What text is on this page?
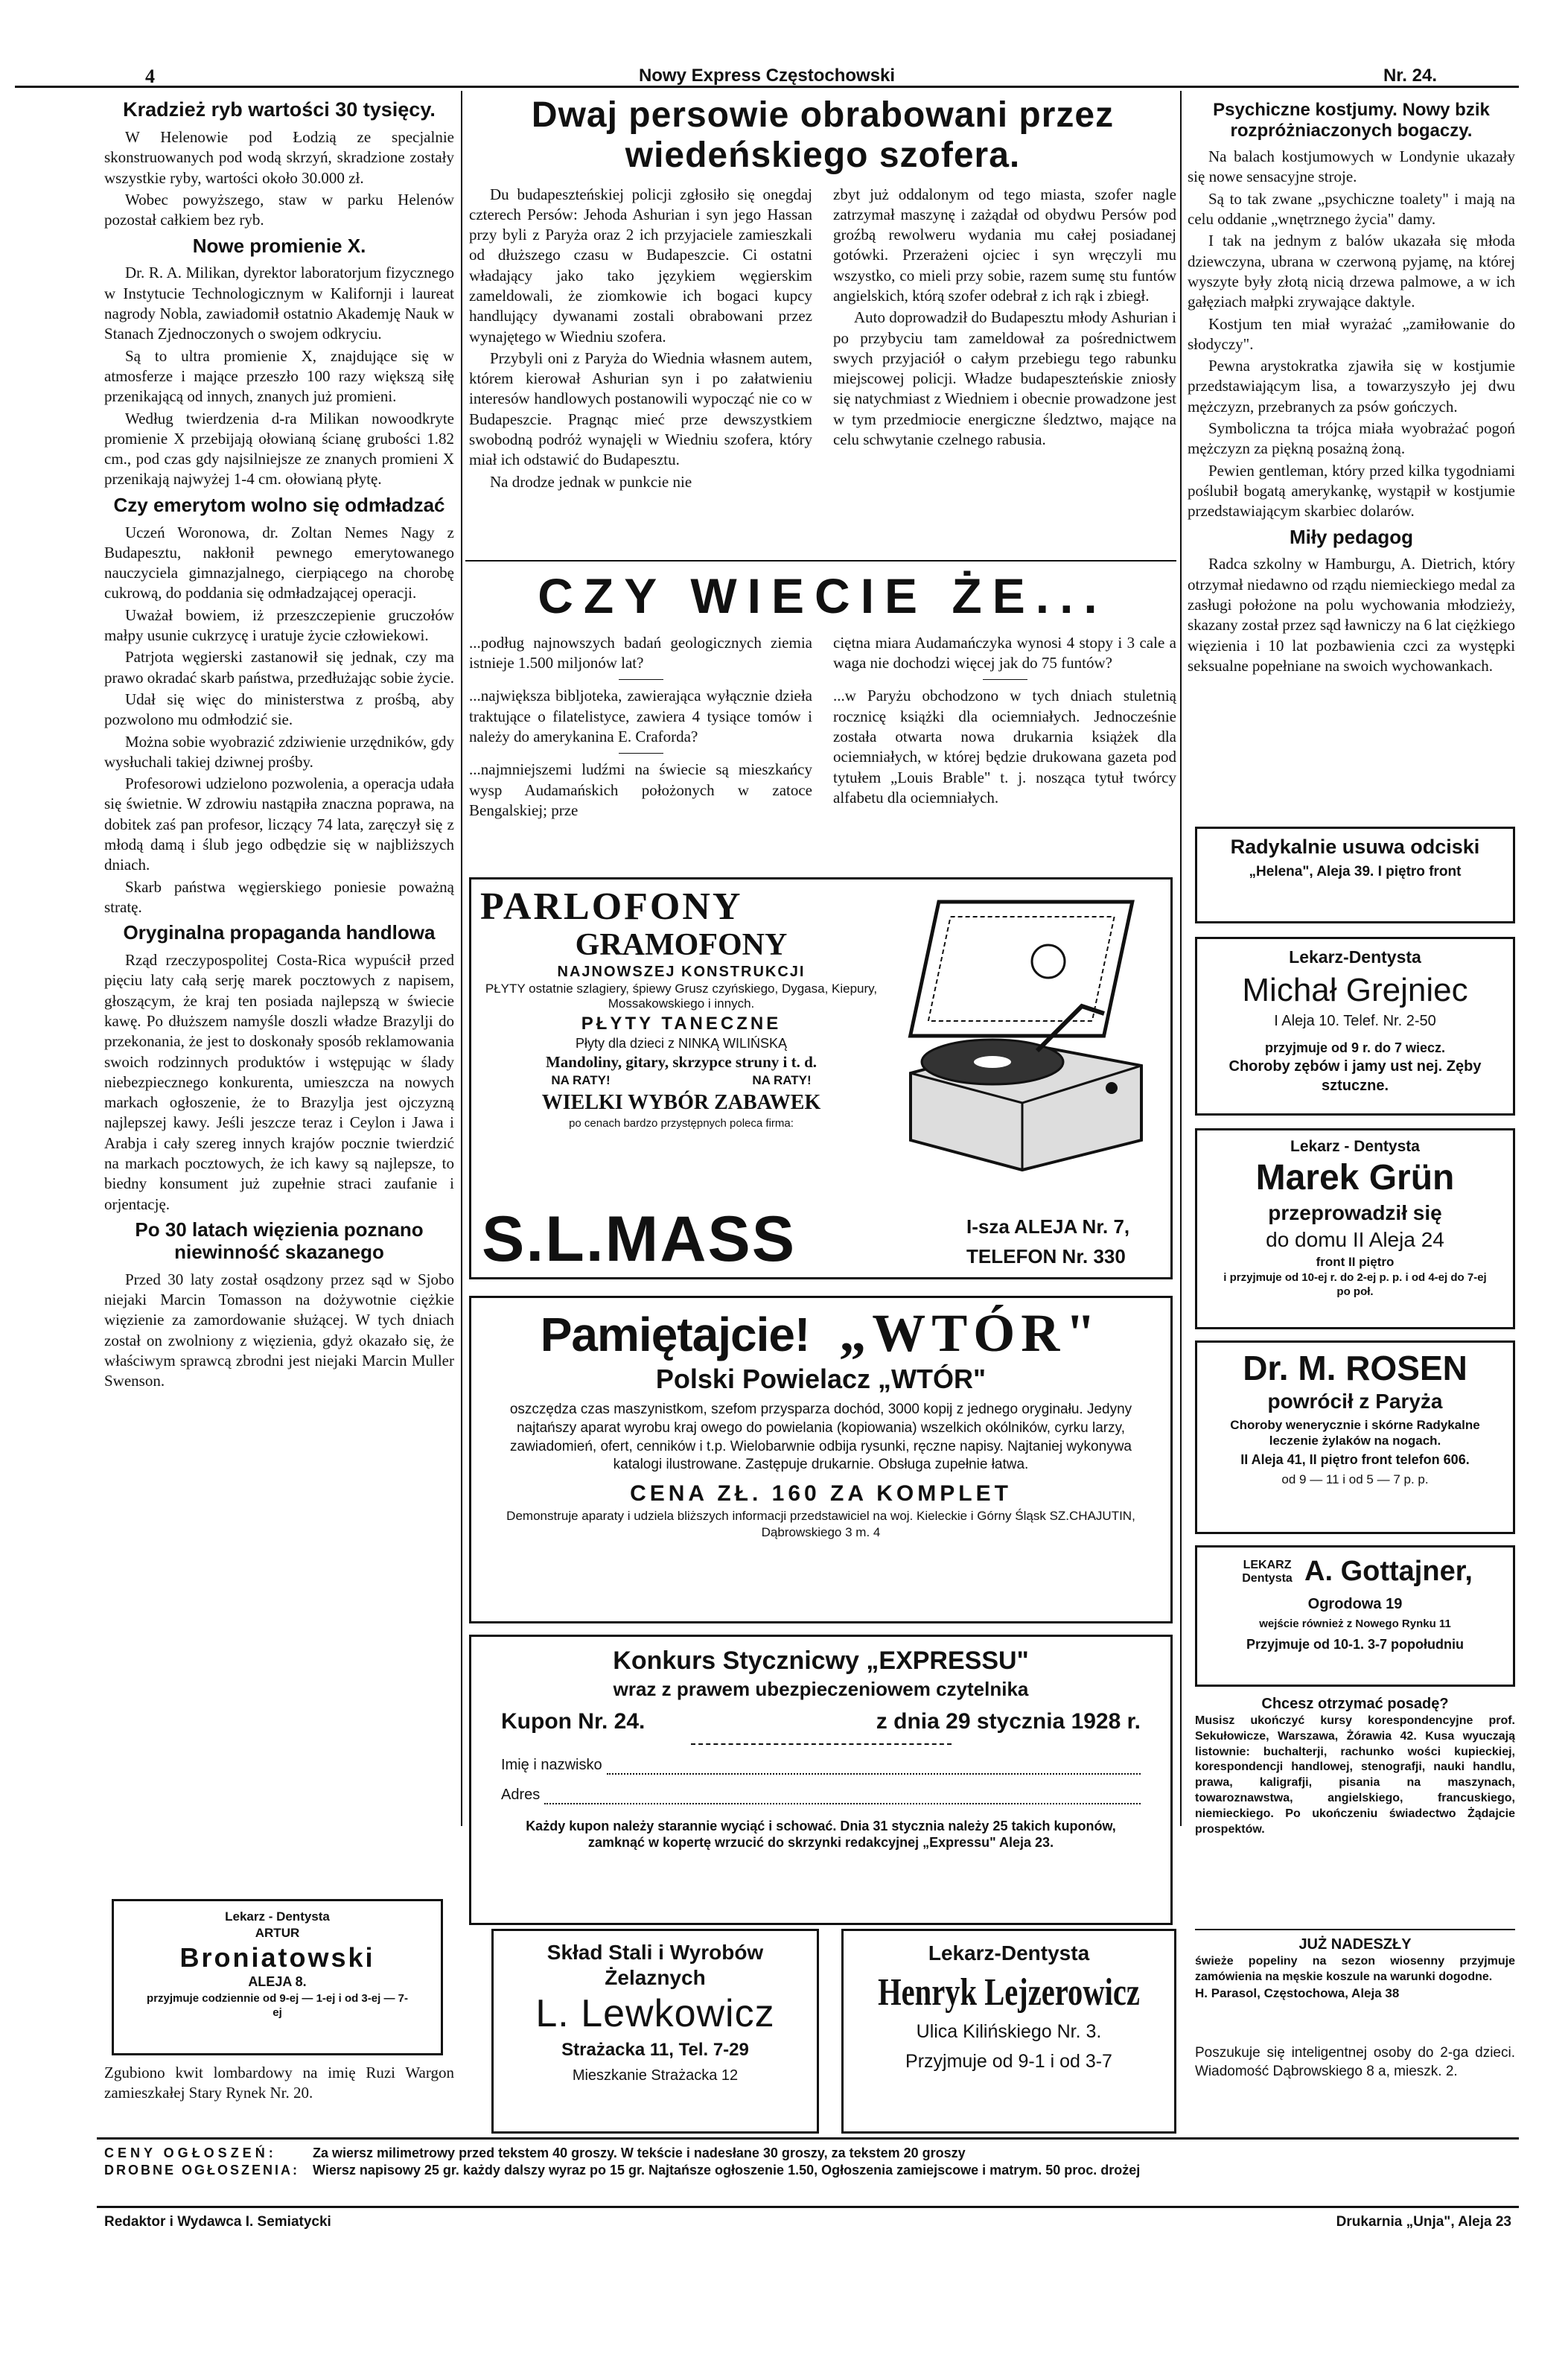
4	Nowy Express Częstochowski	Nr. 24.
Kradzież ryb wartości 30 tysięcy.

W Helenowie pod Łodzią ze specjalnie skonstruowanych pod wodą skrzyń, skradzione zostały wszystkie ryby, wartości około 30.000 zł.

Wobec powyższego, staw w parku Helenów pozostał całkiem bez ryb.

Nowe promienie X.

Dr. R. A. Milikan, dyrektor laboratorjum fizycznego w Instytucie Technologicznym w Kalifornji i laureat nagrody Nobla, zawiadomił ostatnio Akademję Nauk w Stanach Zjednoczonych o swojem odkryciu.

Są to ultra promienie X, znajdujące się w atmosferze i mające przeszło 100 razy większą siłę przenikającą od innych, znanych już promieni.

Według twierdzenia d-ra Milikan nowoodkryte promienie X przebijają ołowianą ścianę grubości 1.82 cm., pod czas gdy najsilniejsze ze znanych promieni X przenikają najwyżej 1-4 cm. ołowianą płytę.

Czy emerytom wolno się odmładzać

Uczeń Woronowa, dr. Zoltan Nemes Nagy z Budapesztu, nakłonił pewnego emerytowanego nauczyciela gimnazjalnego, cierpiącego na chorobę cukrową, do poddania się odmładzającej operacji.

Uważał bowiem, iż przeszczepienie gruczołów małpy usunie cukrzycę i uratuje życie człowiekowi.

Patrjota węgierski zastanowił się jednak, czy ma prawo okradać skarb państwa, przedłużając sobie życie.

Udał się więc do ministerstwa z prośbą, aby pozwolono mu odmłodzić sie.

Można sobie wyobrazić zdziwienie urzędników, gdy wysłuchali takiej dziwnej prośby.

Profesorowi udzielono pozwolenia, a operacja udała się świetnie. W zdrowiu nastąpiła znaczna poprawa, na dobitek zaś pan profesor, liczący 74 lata, zaręczył się z młodą damą i ślub jego odbędzie się w najbliższych dniach.

Skarb państwa węgierskiego poniesie poważną stratę.

Oryginalna propaganda handlowa

Rząd rzeczypospolitej Costa-Rica wypuścił przed pięciu laty całą serję marek pocztowych z napisem, głoszącym, że kraj ten posiada najlepszą w świecie kawę. Po dłuższem namyśle doszli władze Brazylji do przekonania, że jest to doskonały sposób reklamowania swoich rodzinnych produktów i wstępując w ślady niebezpiecznego konkurenta, umieszcza na nowych markach ogłoszenie, że to Brazylja jest ojczyzną najlepszej kawy. Jeśli jeszcze teraz i Ceylon i Jawa i Arabja i cały szereg innych krajów pocznie twierdzić na markach pocztowych, że ich kawy są najlepsze, to biedny konsument już zupełnie straci zaufanie i orjentację.

Po 30 latach więzienia poznano niewinność skazanego

Przed 30 laty został osądzony przez sąd w Sjobo niejaki Marcin Tomasson na dożywotnie ciężkie więzienie za zamordowanie służącej. W tych dniach został on zwolniony z więzienia, gdyż okazało się, że właściwym sprawcą zbrodni jest niejaki Marcin Muller Swenson.

Lekarz - Dentysta
ARTUR
Broniatowski
ALEJA 8.
przyjmuje codziennie od 9-ej — 1-ej i od 3-ej — 7-ej

Zgubiono kwit lombardowy na imię Ruzi Wargon zamieszkałej Stary Rynek Nr. 20.

Dwaj persowie obrabowani przez wiedeńskiego szofera.

Du budapeszteńskiej policji zgłosiło się onegdaj czterech Persów: Jehoda Ashurian i syn jego Hassan przy byli z Paryża oraz 2 ich przyjaciele zamieszkali od dłuższego czasu w Budapeszcie. Ci ostatni władający jako tako językiem węgierskim zameldowali, że ziomkowie ich bogaci kupcy handlujący dywanami zostali obrabowani przez wynajętego w Wiedniu szofera.

Przybyli oni z Paryża do Wiednia własnem autem, którem kierował Ashurian syn i po załatwieniu interesów handlowych postanowili wypocząć nie co w Budapeszcie. Pragnąc mieć prze dewszystkiem swobodną podróż wynajęli w Wiedniu szofera, który miał ich odstawić do Budapesztu.

Na drodze jednak w punkcie nie

zbyt już oddalonym od tego miasta, szofer nagle zatrzymał maszynę i zażądał od obydwu Persów pod groźbą rewolweru wydania mu całej posiadanej gotówki. Przerażeni ojciec i syn wręczyli mu wszystko, co mieli przy sobie, razem sumę stu funtów angielskich, którą szofer odebrał z ich rąk i zbiegł.

Auto doprowadził do Budapesztu młody Ashurian i po przybyciu tam zameldował za pośrednictwem swych przyjaciół o całym przebiegu tego rabunku miejscowej policji. Władze budapeszteńskie zniosły się natychmiast z Wiedniem i obecnie prowadzone jest w tym przedmiocie energiczne śledztwo, mające na celu schwytanie czelnego rabusia.

CZY WIECIE ŻE...

...podług najnowszych badań geologicznych ziemia istnieje 1.500 miljonów lat?

...największa bibljoteka, zawierająca wyłącznie dzieła traktujące o filatelistyce, zawiera 4 tysiące tomów i należy do amerykanina E. Craforda?

...najmniejszemi ludźmi na świecie są mieszkańcy wysp Audamańskich położonych w zatoce Bengalskiej; prze

ciętna miara Audamańczyka wynosi 4 stopy i 3 cale a waga nie dochodzi więcej jak do 75 funtów?

...w Paryżu obchodzono w tych dniach stuletnią rocznicę książki dla ociemniałych. Jednocześnie została otwarta nowa drukarnia książek dla ociemniałych, w której będzie drukowana gazeta pod tytułem „Louis Brable" t. j. nosząca tytuł twórcy alfabetu dla ociemniałych.

PARLOFONY
GRAMOFONY
NAJNOWSZEJ KONSTRUKCJI
PŁYTY ostatnie szlagiery, śpiewy Grusz czyńskiego, Dygasa, Kiepury, Mossakowskiego i innych.
PŁYTY TANECZNE
Płyty dla dzieci z NINKĄ WILIŃSKĄ
Mandoliny, gitary, skrzypce struny i t. d.
NA RATY!	NA RATY!
WIELKI WYBÓR ZABAWEK
po cenach bardzo przystępnych poleca firma:
S.L.MASS	I-sza ALEJA Nr. 7,
TELEFON Nr. 330
Pamiętajcie! „WTÓR"
Polski Powielacz „WTÓR"
oszczędza czas maszynistkom, szefom przysparza dochód, 3000 kopij z jednego oryginału. Jedyny najtańszy aparat wyrobu kraj owego do powielania (kopiowania) wszelkich okólników, cyrku larzy, zawiadomień, ofert, cenników i t.p. Wielobarwnie odbija rysunki, ręczne napisy. Najtaniej wykonywa katalogi ilustrowane. Zastępuje drukarnie. Obsługa zupełnie łatwa.
CENA ZŁ. 160 ZA KOMPLET
Demonstruje aparaty i udziela bliższych informacji przedstawiciel na woj. Kieleckie i Górny Śląsk SZ.CHAJUTIN, Dąbrowskiego 3 m. 4
Konkurs Stycznicwy „EXPRESSU"
wraz z prawem ubezpieczeniowem czytelnika
Kupon Nr. 24.	z dnia 29 stycznia 1928 r.
Imię i nazwisko
Adres
Każdy kupon należy starannie wyciąć i schować. Dnia 31 stycznia należy 25 takich kuponów, zamknąć w kopertę wrzucić do skrzynki redakcyjnej „Expressu" Aleja 23.
Skład Stali i Wyrobów Żelaznych
L. Lewkowicz
Strażacka 11, Tel. 7-29
Mieszkanie Strażacka 12
Lekarz-Dentysta
Henryk Lejzerowicz
Ulica Kilińskiego Nr. 3.
Przyjmuje od 9-1 i od 3-7
Psychiczne kostjumy. Nowy bzik rozpróżniaczonych bogaczy.

Na balach kostjumowych w Londynie ukazały się nowe sensacyjne stroje.

Są to tak zwane „psychiczne toalety" i mają na celu oddanie „wnętrznego życia" damy.

I tak na jednym z balów ukazała się młoda dziewczyna, ubrana w czerwoną pyjamę, na której wyszyte były złotą nicią drzewa palmowe, a w ich gałęziach małpki zrywające daktyle.

Kostjum ten miał wyrażać „zamiłowanie do słodyczy".

Pewna arystokratka zjawiła się w kostjumie przedstawiającym lisa, a towarzyszyło jej dwu mężczyzn, przebranych za psów gończych.

Symboliczna ta trójca miała wyobrażać pogoń mężczyzn za piękną posażną żoną.

Pewien gentleman, który przed kilka tygodniami poślubił bogatą amerykankę, wystąpił w kostjumie przedstawiającym skarbiec dolarów.

Miły pedagog

Radca szkolny w Hamburgu, A. Dietrich, który otrzymał niedawno od rządu niemieckiego medal za zasługi położone na polu wychowania młodzieży, skazany został przez sąd ławniczy na 6 lat ciężkiego więzienia i 10 lat pozbawienia czci za występki seksualne popełniane na swoich wychowankach.

Radykalnie usuwa odciski
„Helena", Aleja 39. I piętro front
Lekarz-Dentysta
Michał Grejniec
I Aleja 10. Telef. Nr. 2-50
przyjmuje od 9 r. do 7 wiecz.
Choroby zębów i jamy ust nej. Zęby sztuczne.
Lekarz - Dentysta
Marek Grün
przeprowadził się
do domu II Aleja 24
front II piętro
i przyjmuje od 10-ej r. do 2-ej p. p. i od 4-ej do 7-ej po poł.
Dr. M. ROSEN
powrócił z Paryża
Choroby wenerycznie i skórne Radykalne leczenie żylaków na nogach.
II Aleja 41, II piętro front telefon 606.
od 9 — 11 i od 5 — 7 p. p.
LEKARZ Dentysta A. Gottajner,
Ogrodowa 19
wejście również z Nowego Rynku 11
Przyjmuje od 10-1. 3-7 popołudniu
Chcesz otrzymać posadę?
Musisz ukończyć kursy korespondencyjne prof. Sekułowicze, Warszawa, Żórawia 42. Kusa wyuczają listownie: buchalterji, rachunko wości kupieckiej, korespondencji handlowej, stenografji, nauki handlu, prawa, kaligrafji, pisania na maszynach, towaroznawstwa, angielskiego, francuskiego, niemieckiego. Po ukończeniu świadectwo Żądajcie prospektów.
JUŻ NADESZŁY
świeże popeliny na sezon wiosenny przyjmuje zamówienia na męskie koszule na warunki dogodne.
H. Parasol, Częstochowa, Aleja 38
Poszukuje się inteligentnej osoby do 2-ga dzieci. Wiadomość Dąbrowskiego 8 a, mieszk. 2.
CENY OGŁOSZEŃ:	Za wiersz milimetrowy przed tekstem 40 groszy. W tekście i nadesłane 30 groszy, za tekstem 20 groszy
DROBNE OGŁOSZENIA: Wiersz napisowy 25 gr. każdy dalszy wyraz po 15 gr. Najtańsze ogłoszenie 1.50, Ogłoszenia zamiejscowe i matrym. 50 proc. drożej
Redaktor i Wydawca I. Semiatycki	Drukarnia „Unja", Aleja 23
